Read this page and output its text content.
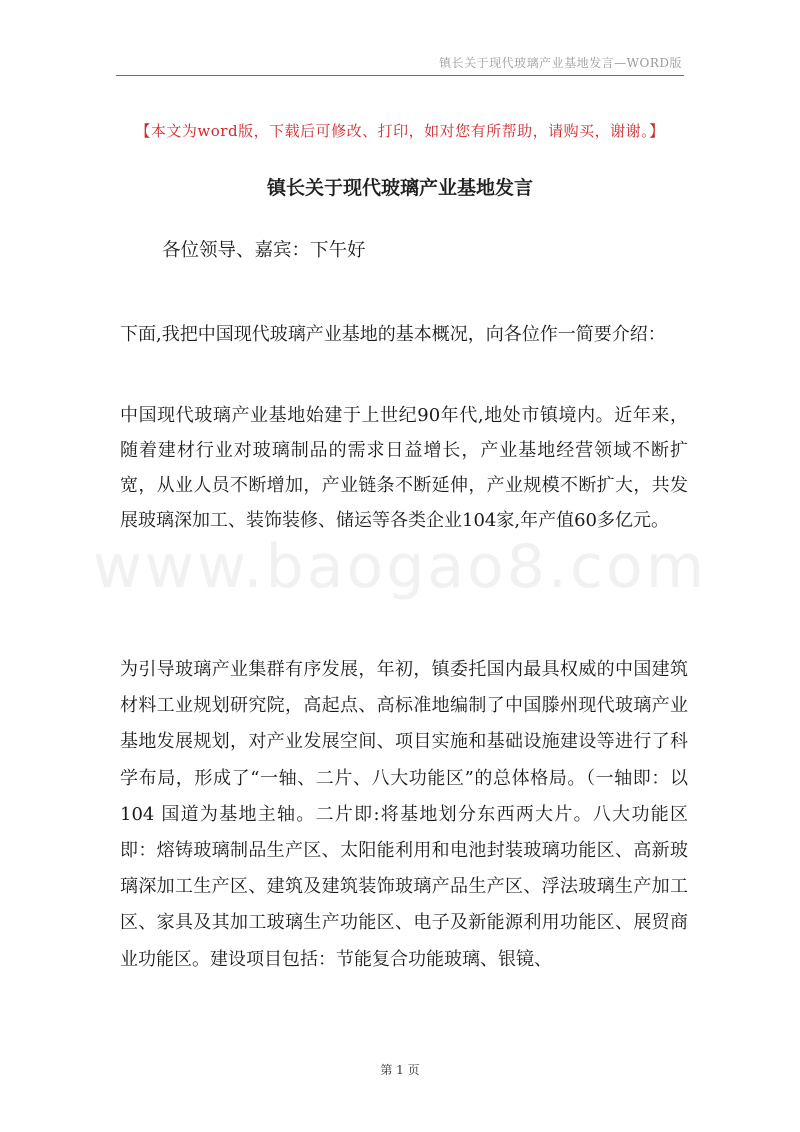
镇长关于现代玻璃产业基地发言—WORD版
【本文为word版，下载后可修改、打印，如对您有所帮助，请购买，谢谢。】
镇长关于现代玻璃产业基地发言
各位领导、嘉宾：下午好
www.baogao8.com
下面,我把中国现代玻璃产业基地的基本概况，向各位作一简要介绍：
中国现代玻璃产业基地始建于上世纪90年代,地处市镇境内。近年来，随着建材行业对玻璃制品的需求日益增长，产业基地经营领域不断扩宽，从业人员不断增加，产业链条不断延伸，产业规模不断扩大，共发展玻璃深加工、装饰装修、储运等各类企业104家,年产值60多亿元。
为引导玻璃产业集群有序发展，年初，镇委托国内最具权威的中国建筑材料工业规划研究院，高起点、高标准地编制了中国滕州现代玻璃产业基地发展规划，对产业发展空间、项目实施和基础设施建设等进行了科学布局，形成了“一轴、二片、八大功能区”的总体格局。（一轴即：以 104 国道为基地主轴。二片即:将基地划分东西两大片。八大功能区即：熔铸玻璃制品生产区、太阳能利用和电池封装玻璃功能区、高新玻璃深加工生产区、建筑及建筑装饰玻璃产品生产区、浮法玻璃生产加工区、家具及其加工玻璃生产功能区、电子及新能源利用功能区、展贸商业功能区。建设项目包括：节能复合功能玻璃、银镜、
第 1 页
